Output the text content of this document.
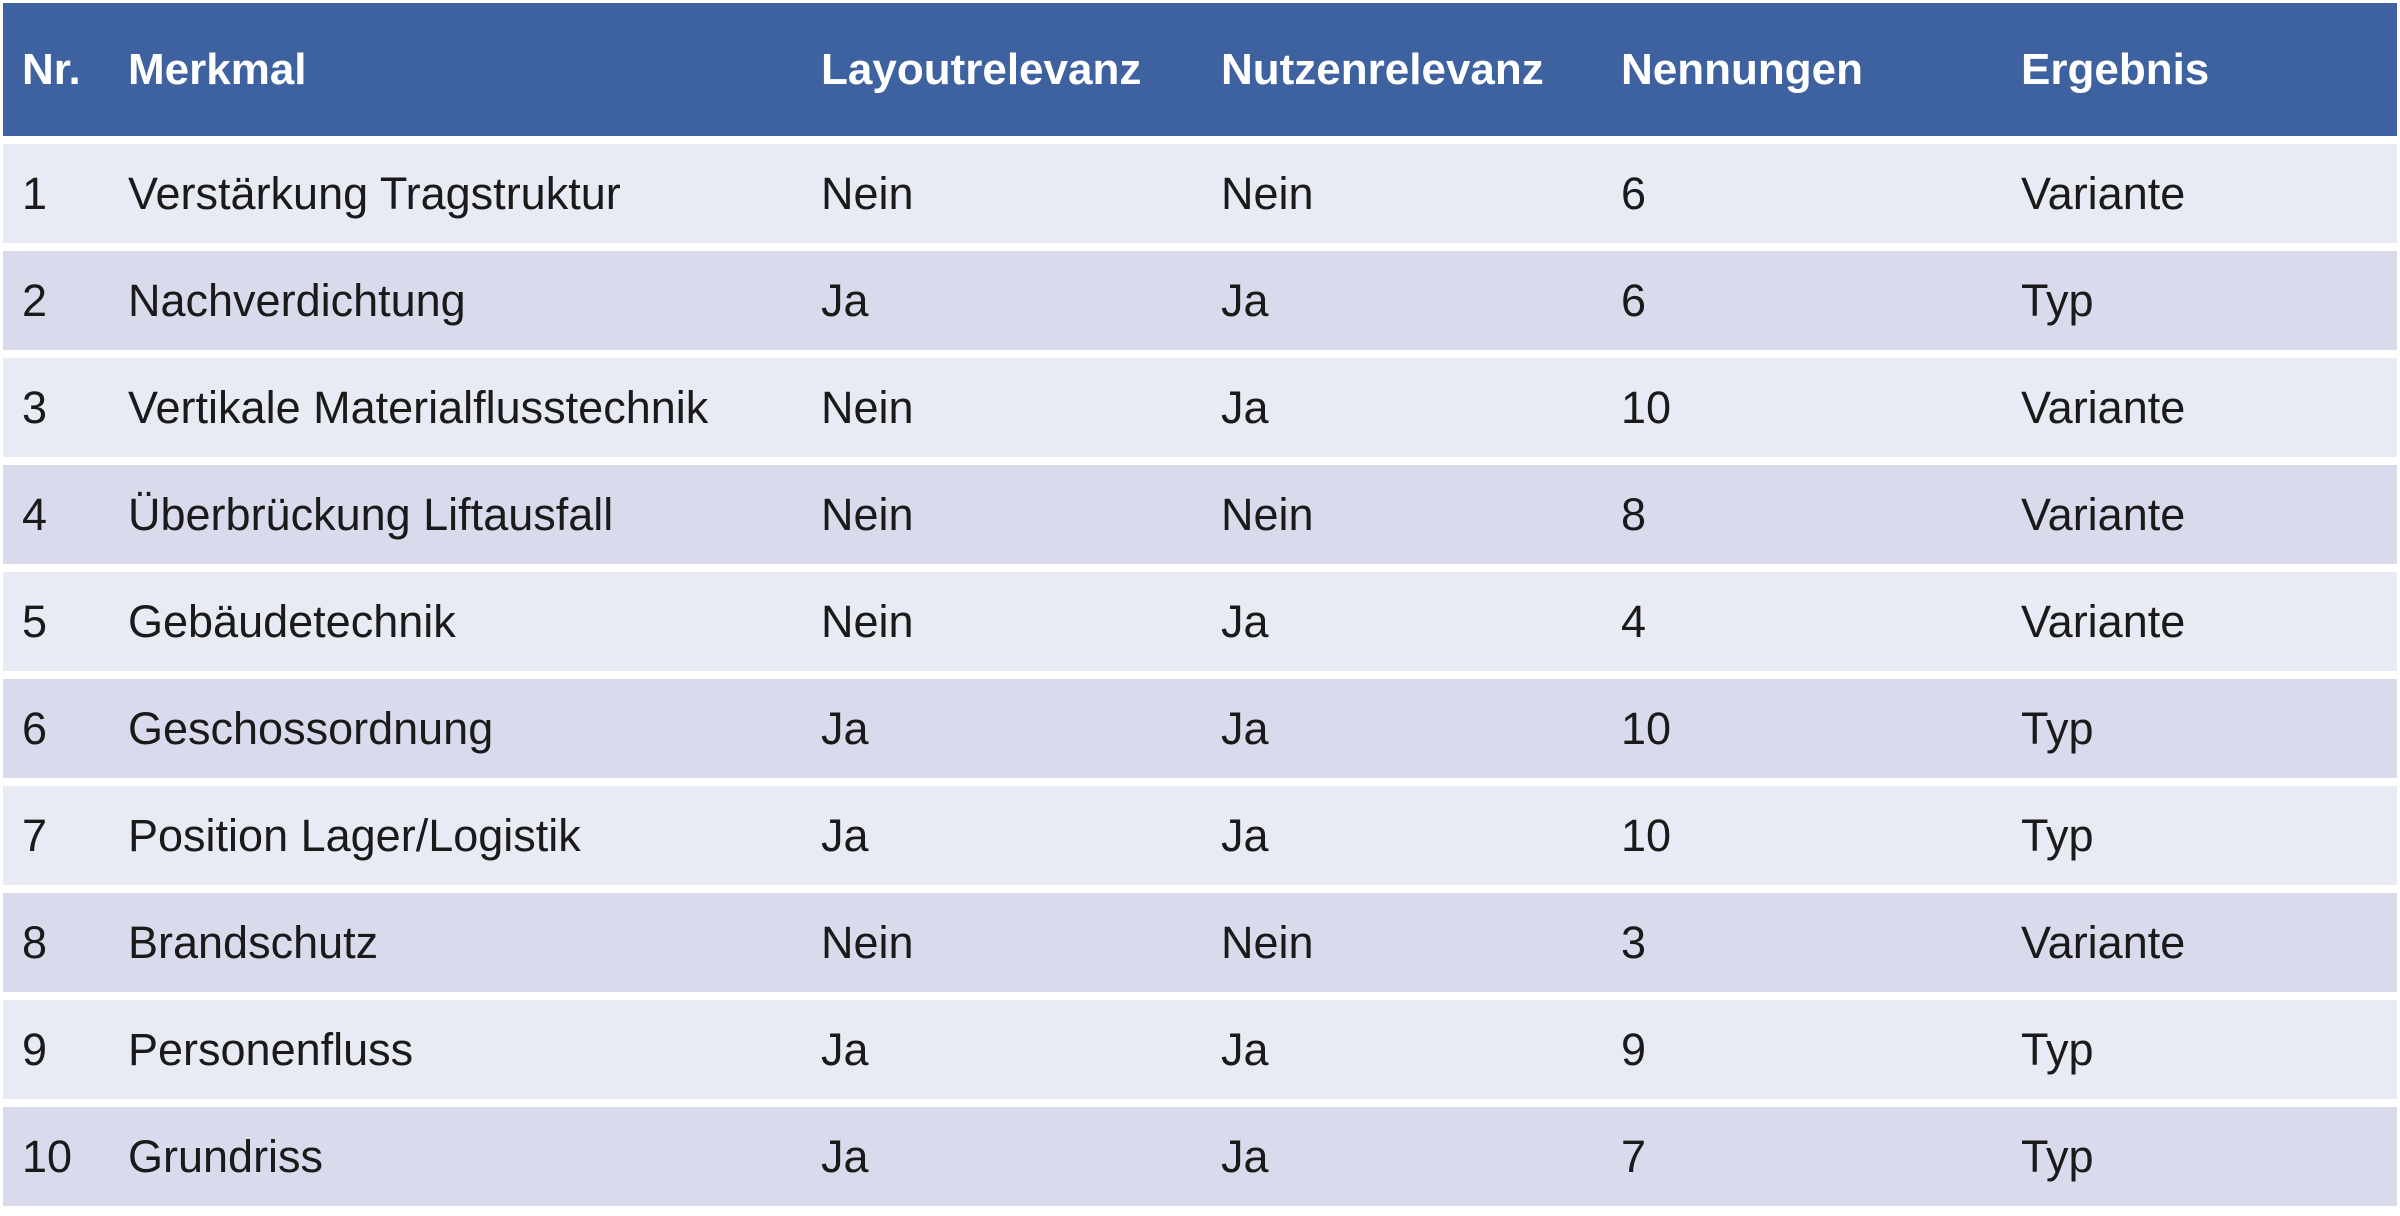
Nr.	Merkmal	Layoutrelevanz	Nutzenrelevanz	Nennungen	Ergebnis
1	Verstärkung Tragstruktur	Nein	Nein	6	Variante
2	Nachverdichtung	Ja	Ja	6	Typ
3	Vertikale Materialflusstechnik	Nein	Ja	10	Variante
4	Überbrückung Liftausfall	Nein	Nein	8	Variante
5	Gebäudetechnik	Nein	Ja	4	Variante
6	Geschossordnung	Ja	Ja	10	Typ
7	Position Lager/Logistik	Ja	Ja	10	Typ
8	Brandschutz	Nein	Nein	3	Variante
9	Personenfluss	Ja	Ja	9	Typ
10	Grundriss	Ja	Ja	7	Typ
